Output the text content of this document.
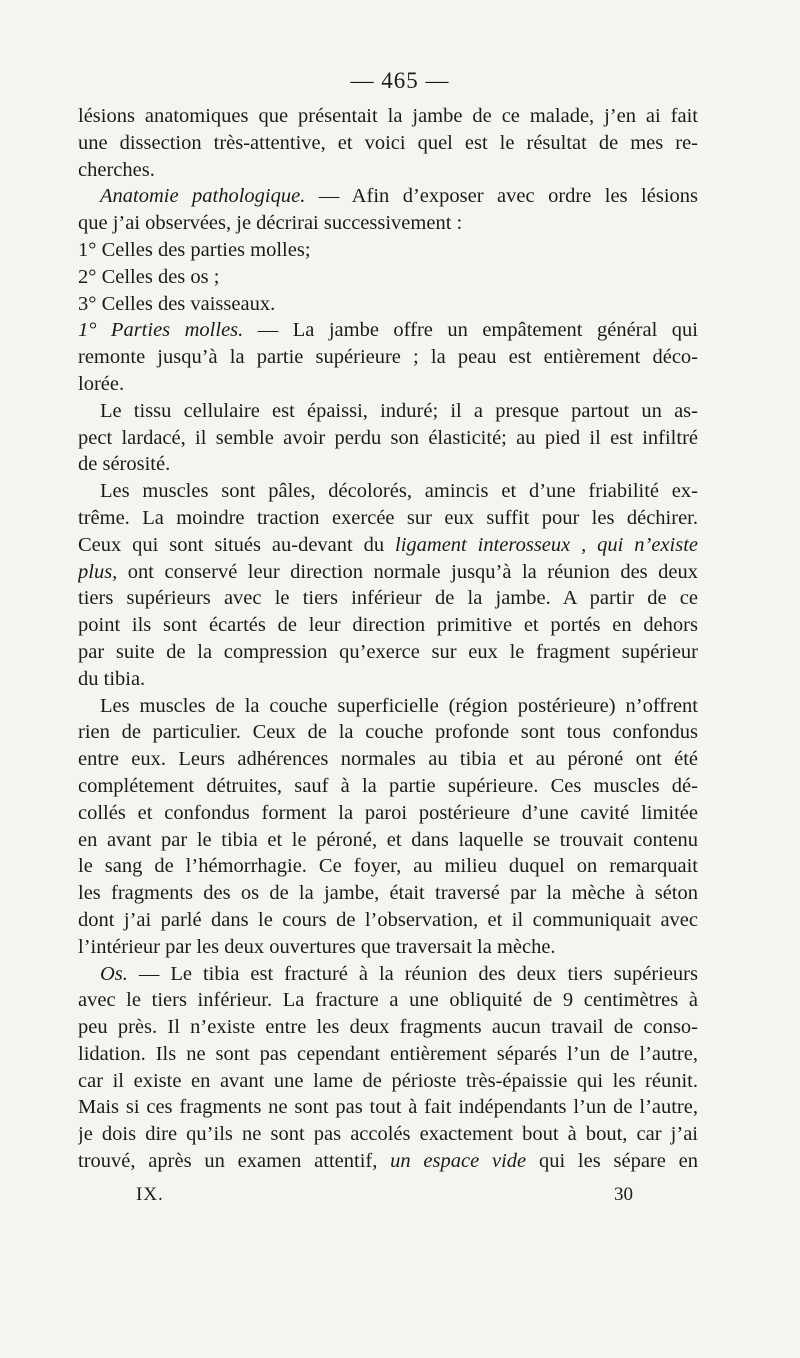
— 465 —
lésions anatomiques que présentait la jambe de ce malade, j’en ai fait
une dissection très-attentive, et voici quel est le résultat de mes re-
cherches.
Anatomie pathologique. — Afin d’exposer avec ordre les lésions
que j’ai observées, je décrirai successivement :
1° Celles des parties molles;
2° Celles des os ;
3° Celles des vaisseaux.
1° Parties molles. — La jambe offre un empâtement général qui
remonte jusqu’à la partie supérieure ; la peau est entièrement déco-
lorée.
Le tissu cellulaire est épaissi, induré; il a presque partout un as-
pect lardacé, il semble avoir perdu son élasticité; au pied il est infiltré
de sérosité.
Les muscles sont pâles, décolorés, amincis et d’une friabilité ex-
trême. La moindre traction exercée sur eux suffit pour les déchirer.
Ceux qui sont situés au-devant du ligament interosseux , qui n’existe
plus, ont conservé leur direction normale jusqu’à la réunion des deux
tiers supérieurs avec le tiers inférieur de la jambe. A partir de ce
point ils sont écartés de leur direction primitive et portés en dehors
par suite de la compression qu’exerce sur eux le fragment supérieur
du tibia.
Les muscles de la couche superficielle (région postérieure) n’offrent
rien de particulier. Ceux de la couche profonde sont tous confondus
entre eux. Leurs adhérences normales au tibia et au péroné ont été
complétement détruites, sauf à la partie supérieure. Ces muscles dé-
collés et confondus forment la paroi postérieure d’une cavité limitée
en avant par le tibia et le péroné, et dans laquelle se trouvait contenu
le sang de l’hémorrhagie. Ce foyer, au milieu duquel on remarquait
les fragments des os de la jambe, était traversé par la mèche à séton
dont j’ai parlé dans le cours de l’observation, et il communiquait avec
l’intérieur par les deux ouvertures que traversait la mèche.
Os. — Le tibia est fracturé à la réunion des deux tiers supérieurs
avec le tiers inférieur. La fracture a une obliquité de 9 centimètres à
peu près. Il n’existe entre les deux fragments aucun travail de conso-
lidation. Ils ne sont pas cependant entièrement séparés l’un de l’autre,
car il existe en avant une lame de périoste très-épaissie qui les réunit.
Mais si ces fragments ne sont pas tout à fait indépendants l’un de l’autre,
je dois dire qu’ils ne sont pas accolés exactement bout à bout, car j’ai
trouvé, après un examen attentif, un espace vide qui les sépare en
IX.	30
